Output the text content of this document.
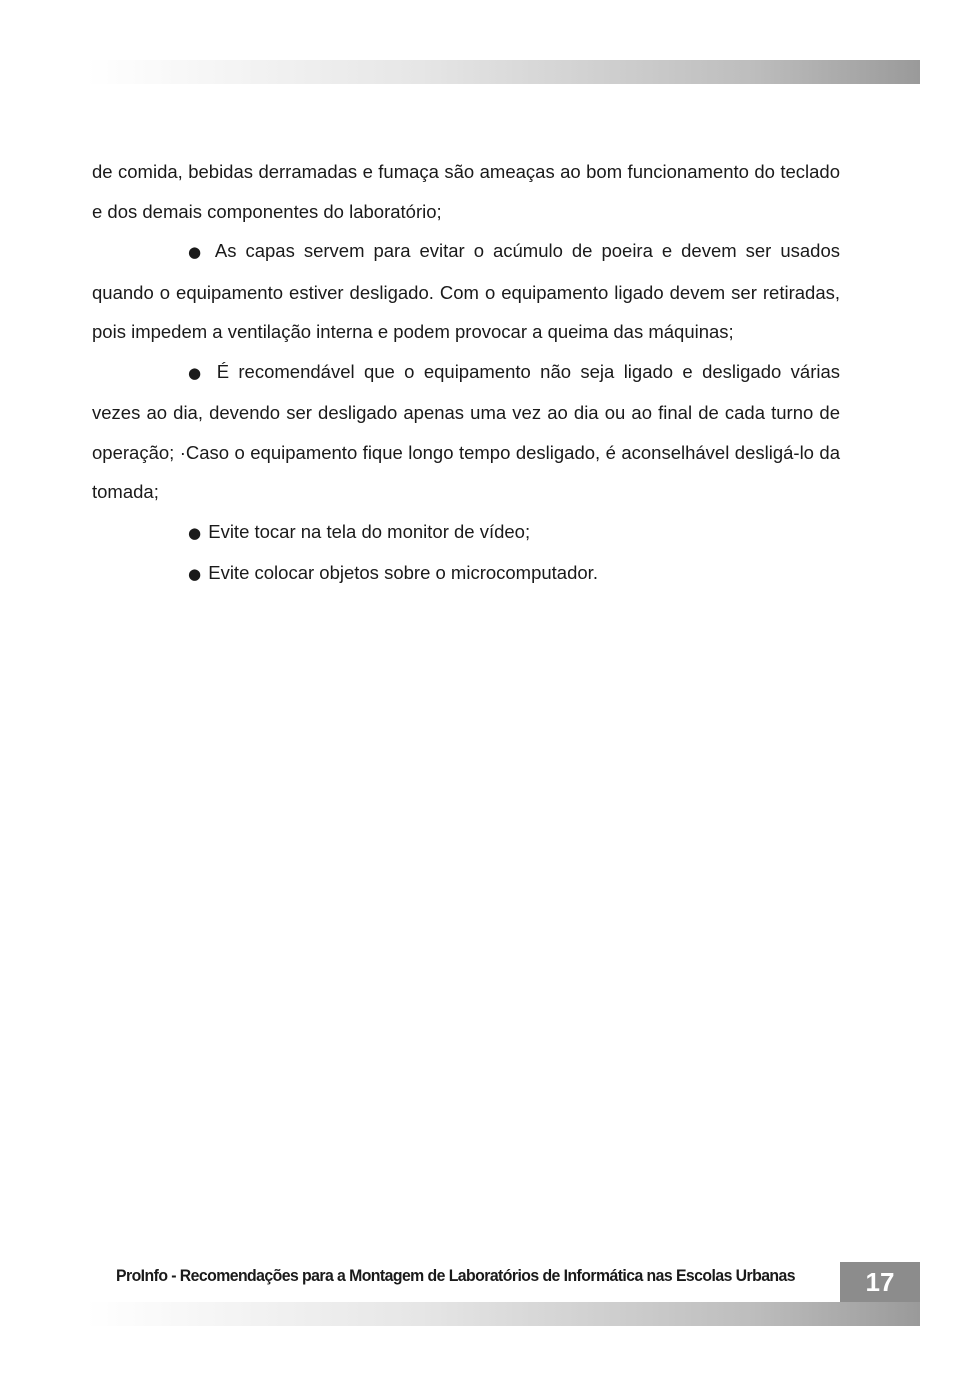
de comida, bebidas derramadas e fumaça são ameaças ao bom funcionamento do teclado e dos demais componentes do laboratório;

● As capas servem para evitar o acúmulo de poeira e devem ser usados quando o equipamento estiver desligado. Com o equipamento ligado devem ser retiradas, pois impedem a ventilação interna e podem provocar a queima das máquinas;

● É recomendável que o equipamento não seja ligado e desligado várias vezes ao dia, devendo ser desligado apenas uma vez ao dia ou ao final de cada turno de operação; ·Caso o equipamento fique longo tempo desligado, é aconselhável desligá-lo da tomada;

● Evite tocar na tela do monitor de vídeo;

● Evite colocar objetos sobre o microcomputador.

ProInfo - Recomendações para a Montagem de Laboratórios de Informática nas Escolas Urbanas	17
